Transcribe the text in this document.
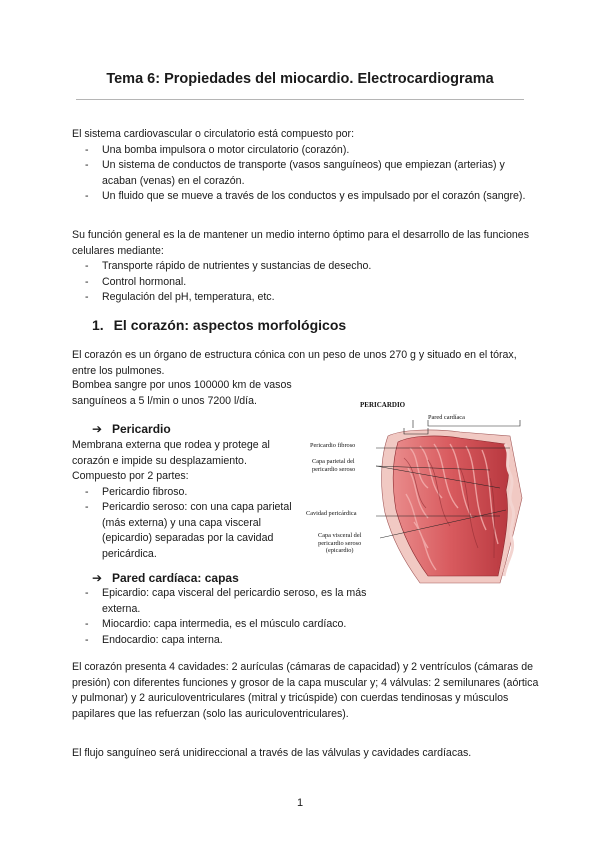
Tema 6: Propiedades del miocardio. Electrocardiograma
El sistema cardiovascular o circulatorio está compuesto por:
- Una bomba impulsora o motor circulatorio (corazón).
- Un sistema de conductos de transporte (vasos sanguíneos) que empiezan (arterias) y acaban (venas) en el corazón.
- Un fluido que se mueve a través de los conductos y es impulsado por el corazón (sangre).
Su función general es la de mantener un medio interno óptimo para el desarrollo de las funciones celulares mediante:
- Transporte rápido de nutrientes y sustancias de desecho.
- Control hormonal.
- Regulación del pH, temperatura, etc.
1. El corazón: aspectos morfológicos
El corazón es un órgano de estructura cónica con un peso de unos 270 g y situado en el tórax, entre los pulmones.
Bombea sangre por unos 100000 km de vasos sanguíneos a 5 l/min o unos 7200 l/día.
➔ Pericardio
Membrana externa que rodea y protege al corazón e impide su desplazamiento.
Compuesto por 2 partes:
- Pericardio fibroso.
- Pericardio seroso: con una capa parietal (más externa) y una capa visceral (epicardio) separadas por la cavidad pericárdica.
➔ Pared cardíaca: capas
- Epicardio: capa visceral del pericardio seroso, es la más externa.
- Miocardio: capa intermedia, es el músculo cardíaco.
- Endocardio: capa interna.
El corazón presenta 4 cavidades: 2 aurículas (cámaras de capacidad) y 2 ventrículos (cámaras de presión) con diferentes funciones y grosor de la capa muscular y; 4 válvulas: 2 semilunares (aórtica y pulmonar) y 2 auriculoventriculares (mitral y tricúspide) con cuerdas tendinosas y músculos papilares que las refuerzan (solo las auriculoventriculares).
El flujo sanguíneo será unidireccional a través de las válvulas y cavidades cardíacas.
1
PERICARDIO
Pared cardíaca
Pericardio fibroso
Capa parietal del
pericardio seroso
Cavidad pericárdica
Capa visceral del
pericardio seroso
(epicardio)
